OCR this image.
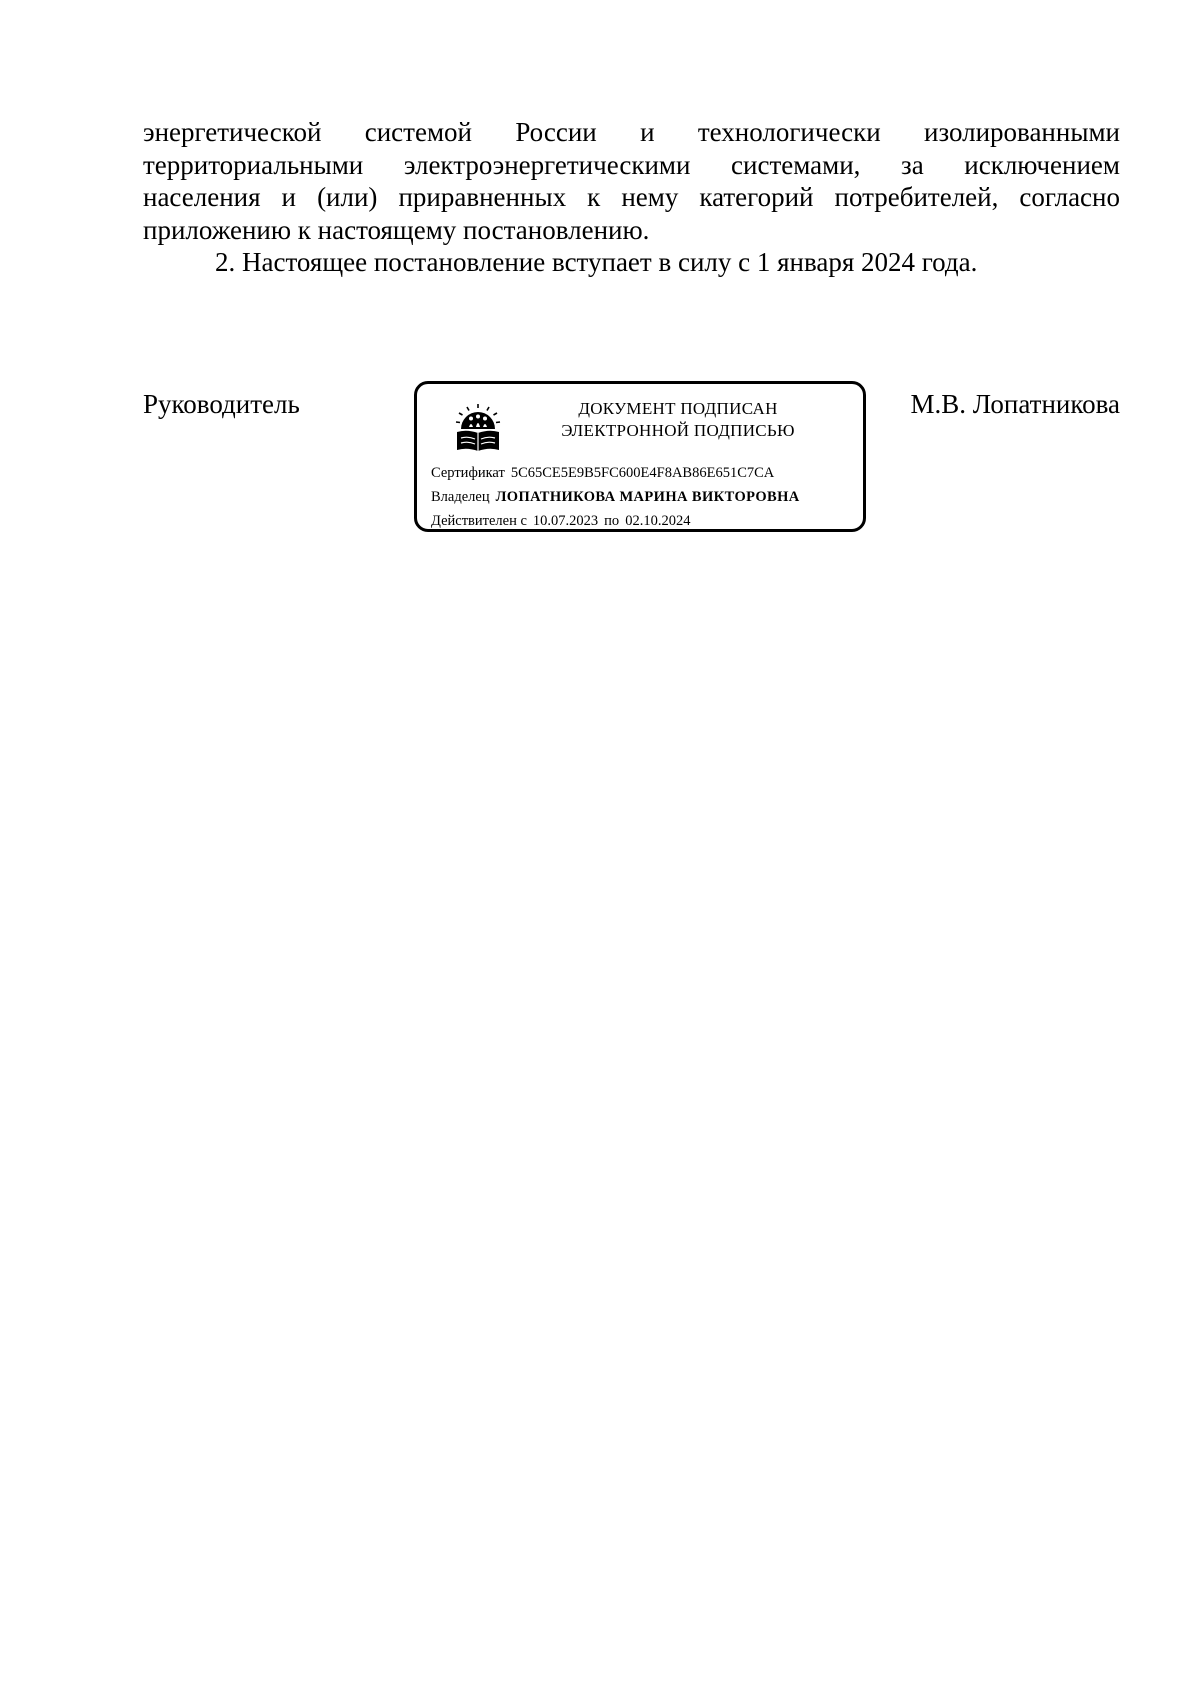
энергетической системой России и технологически изолированными

территориальными электроэнергетическими системами, за исключением

населения и (или) приравненных к нему категорий потребителей, согласно

приложению к настоящему постановлению.

2. Настоящее постановление вступает в силу с 1 января 2024 года.

Руководитель	ДОКУМЕНТ ПОДПИСАН
ЭЛЕКТРОННОЙ ПОДПИСЬЮ
Сертификат 5C65CE5E9B5FC600E4F8AB86E651C7CA
Владелец ЛОПАТНИКОВА МАРИНА ВИКТОРОВНА
Действителен с 10.07.2023 по 02.10.2024

М.В. Лопатникова
